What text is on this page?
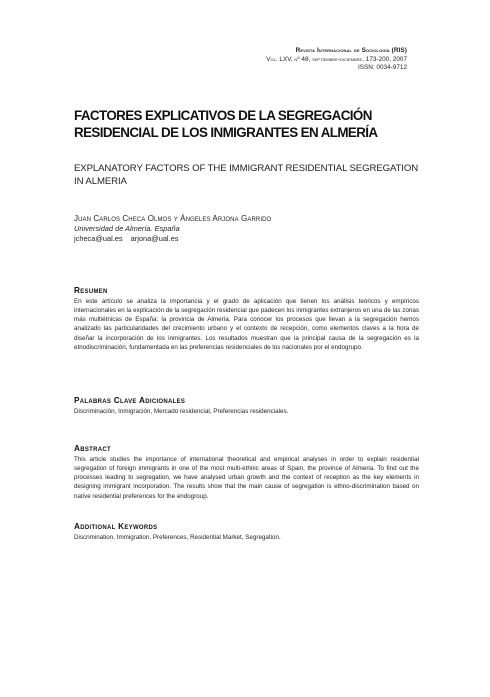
Revista Internacional de Sociología (RIS)
Vol. LXV, nº 48, septiembre-diciembre, 173-200, 2007
ISSN: 0034-9712
FACTORES EXPLICATIVOS DE LA SEGREGACIÓN RESIDENCIAL DE LOS INMIGRANTES EN ALMERÍA
EXPLANATORY FACTORS OF THE IMMIGRANT RESIDENTIAL SEGREGATION IN ALMERIA
Juan Carlos Checa Olmos y Ángeles Arjona Garrido
Universidad de Almería. España
jcheca@ual.es arjona@ual.es
Resumen

En este artículo se analiza la importancia y el grado de aplicación que tienen los análisis teóricos y empíricos internacionales en la explicación de la segregación residencial que padecen los inmigrantes extranjeros en una de las zonas más multiétnicas de España: la provincia de Almería. Para conocer los procesos que llevan a la segregación hemos analizado las particularidades del crecimiento urbano y el contexto de recepción, como elementos claves a la hora de diseñar la incorporación de los inmigrantes. Los resultados muestran que la principal causa de la segregación es la etnodiscriminación, fundamentada en las preferencias residenciales de los nacionales por el endogrupo.

Palabras Clave Adicionales

Discriminación, Inmigración, Mercado residencial, Preferencias residenciales.

Abstract

This article studies the importance of international theoretical and empirical analyses in order to explain residential segregation of foreign immigrants in one of the most multi-ethnic areas of Spain, the province of Almeria. To find out the processes leading to segregation, we have analysed urban growth and the context of reception as the key elements in designing immigrant incorporation. The results show that the main cause of segregation is ethno-discrimination based on native residential preferences for the endogroup.

Additional Keywords

Discrimination, Immigration, Preferences, Residential Market, Segregation.
